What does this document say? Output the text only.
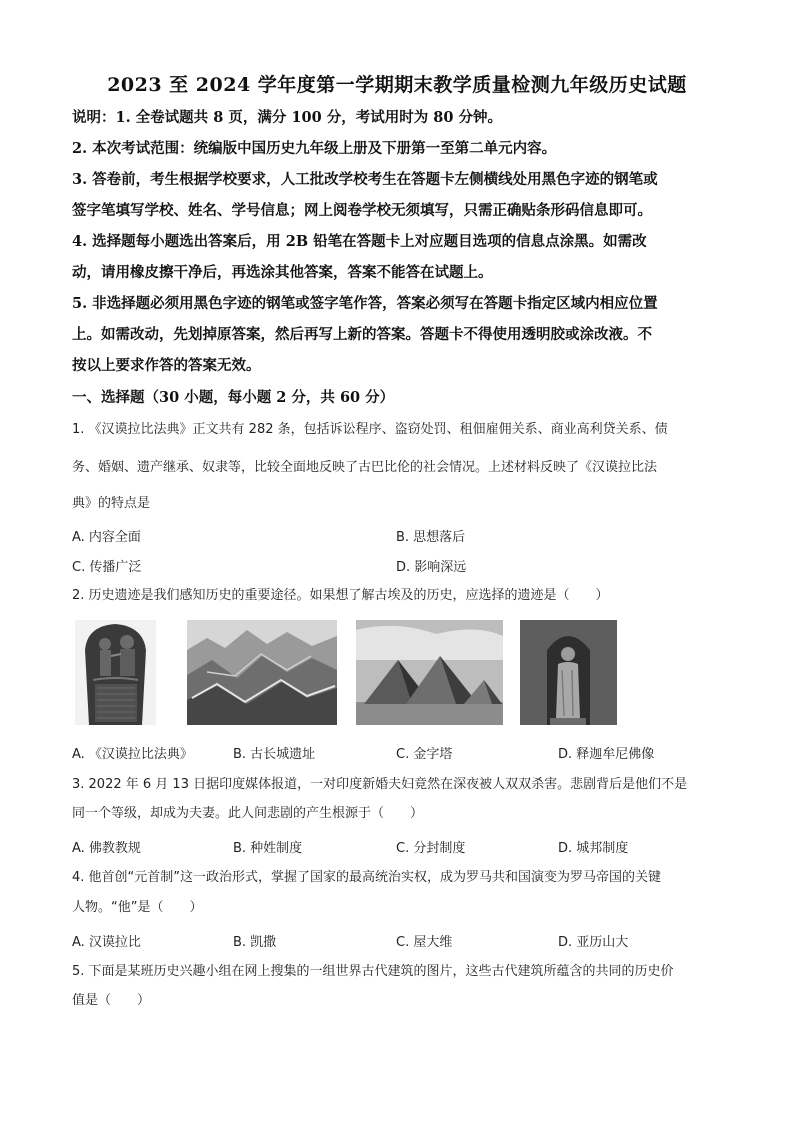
2023 至 2024 学年度第一学期期末教学质量检测九年级历史试题
说明：1. 全卷试题共 8 页，满分 100 分，考试用时为 80 分钟。
2. 本次考试范围：统编版中国历史九年级上册及下册第一至第二单元内容。
3. 答卷前，考生根据学校要求，人工批改学校考生在答题卡左侧横线处用黑色字迹的钢笔或
签字笔填写学校、姓名、学号信息；网上阅卷学校无须填写，只需正确贴条形码信息即可。
4. 选择题每小题选出答案后，用 2B 铅笔在答题卡上对应题目选项的信息点涂黑。如需改
动，请用橡皮擦干净后，再选涂其他答案，答案不能答在试题上。
5. 非选择题必须用黑色字迹的钢笔或签字笔作答，答案必须写在答题卡指定区域内相应位置
上。如需改动，先划掉原答案，然后再写上新的答案。答题卡不得使用透明胶或涂改液。不
按以上要求作答的答案无效。
一、选择题（30 小题，每小题 2 分，共 60 分）
1. 《汉谟拉比法典》正文共有 282 条，包括诉讼程序、盗窃处罚、租佃雇佣关系、商业高利贷关系、债
务、婚姻、遗产继承、奴隶等，比较全面地反映了古巴比伦的社会情况。上述材料反映了《汉谟拉比法
典》的特点是
A. 内容全面	B. 思想落后
C. 传播广泛	D. 影响深远
2. 历史遗迹是我们感知历史的重要途径。如果想了解古埃及的历史，应选择的遗迹是（　　）
A. 《汉谟拉比法典》	B. 古长城遗址	C. 金字塔	D. 释迦牟尼佛像
3. 2022 年 6 月 13 日据印度媒体报道，一对印度新婚夫妇竟然在深夜被人双双杀害。悲剧背后是他们不是
同一个等级，却成为夫妻。此人间悲剧的产生根源于（　　）
A. 佛教教规	B. 种姓制度	C. 分封制度	D. 城邦制度
4. 他首创“元首制”这一政治形式，掌握了国家的最高统治实权，成为罗马共和国演变为罗马帝国的关键
人物。“他”是（　　）
A. 汉谟拉比	B. 凯撒	C. 屋大维	D. 亚历山大
5. 下面是某班历史兴趣小组在网上搜集的一组世界古代建筑的图片，这些古代建筑所蕴含的共同的历史价
值是（　　）
